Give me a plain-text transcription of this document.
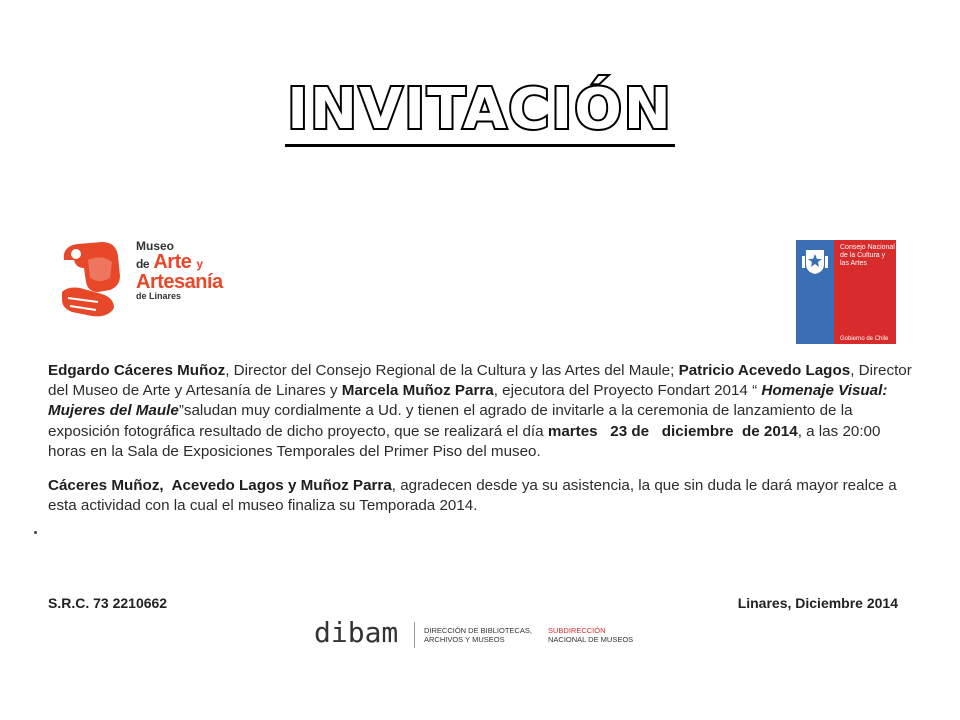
INVITACIÓN
Museo
de Arte y
Artesanía
de Linares
Consejo Nacional de la Cultura y las Artes
Gobierno de Chile
Edgardo Cáceres Muñoz, Director del Consejo Regional de la Cultura y las Artes del Maule; Patricio Acevedo Lagos, Director del Museo de Arte y Artesanía de Linares y Marcela Muñoz Parra, ejecutora del Proyecto Fondart 2014 “ Homenaje Visual: Mujeres del Maule”saludan muy cordialmente a Ud. y tienen el agrado de invitarle a la ceremonia de lanzamiento de la exposición fotográfica resultado de dicho proyecto, que se realizará el día martes   23 de   diciembre  de 2014, a las 20:00 horas en la Sala de Exposiciones Temporales del Primer Piso del museo.
Cáceres Muñoz,  Acevedo Lagos y Muñoz Parra, agradecen desde ya su asistencia, la que sin duda le dará mayor realce a esta actividad con la cual el museo finaliza su Temporada 2014.
S.R.C. 73 2210662	Linares, Diciembre 2014
dibam	DIRECCIÓN DE BIBLIOTECAS,
ARCHIVOS Y MUSEOS
SUBDIRECCIÓN
NACIONAL DE MUSEOS
